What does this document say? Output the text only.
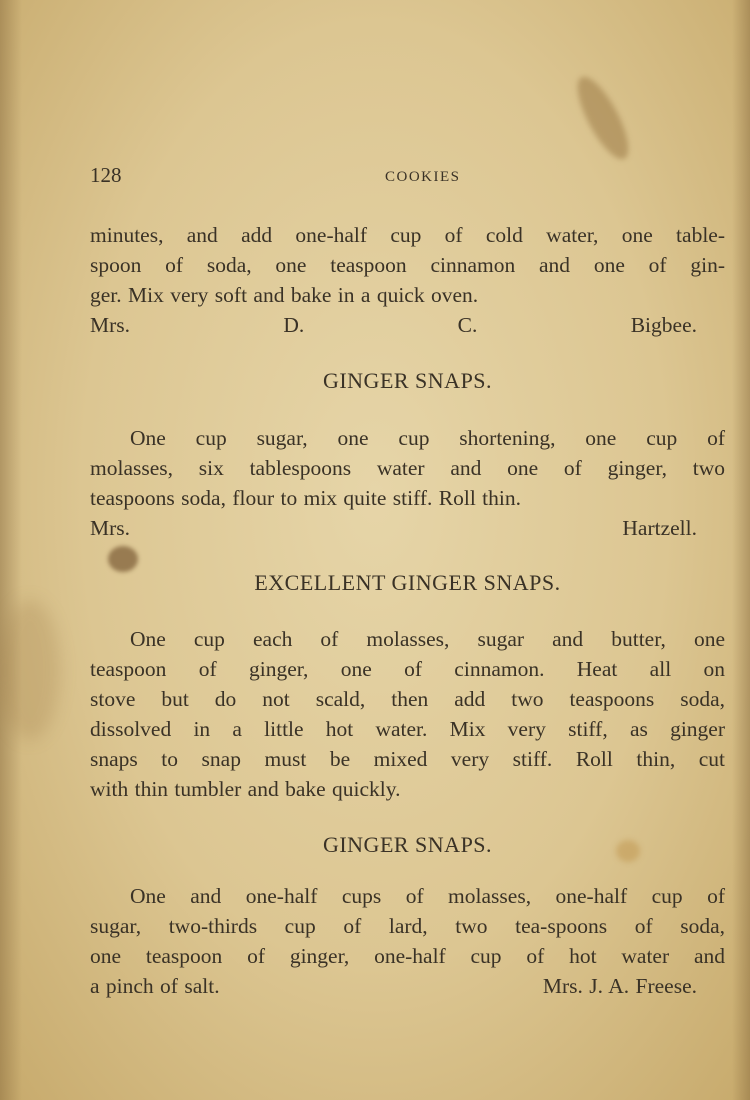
128	COOKIES

minutes, and add one-half cup of cold water, one table-

spoon of soda, one teaspoon cinnamon and one of gin-

ger. Mix very soft and bake in a quick oven.

Mrs. D. C. Bigbee.

GINGER SNAPS.

One cup sugar, one cup shortening, one cup of

molasses, six tablespoons water and one of ginger, two

teaspoons soda, flour to mix quite stiff. Roll thin.

Mrs. Hartzell.

EXCELLENT GINGER SNAPS.

One cup each of molasses, sugar and butter, one

teaspoon of ginger, one of cinnamon. Heat all on

stove but do not scald, then add two teaspoons soda,

dissolved in a little hot water. Mix very stiff, as ginger

snaps to snap must be mixed very stiff. Roll thin, cut

with thin tumbler and bake quickly.

GINGER SNAPS.

One and one-half cups of molasses, one-half cup of

sugar, two-thirds cup of lard, two tea-spoons of soda,

one teaspoon of ginger, one-half cup of hot water and

a pinch of salt.	Mrs. J. A. Freese.
